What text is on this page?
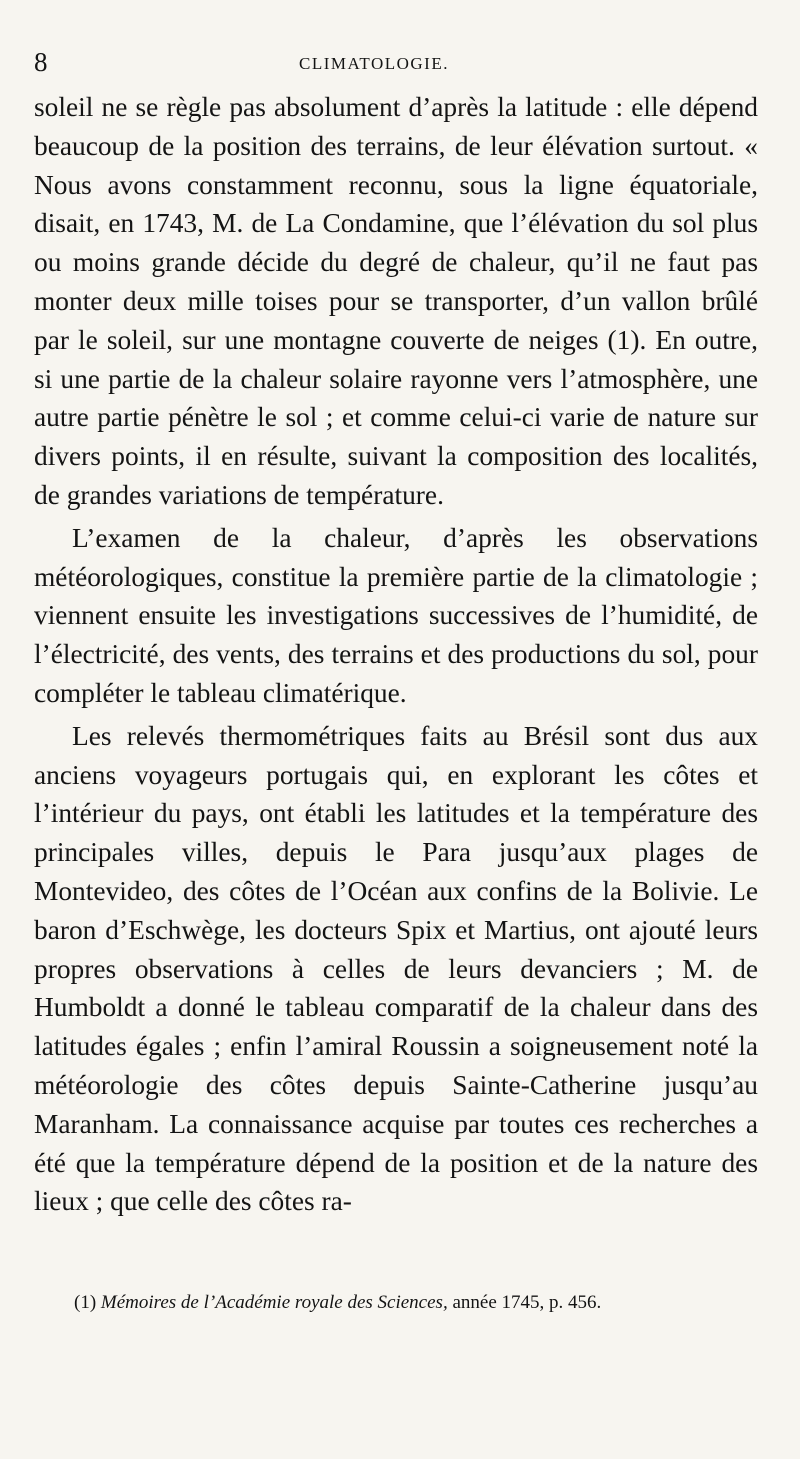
8	CLIMATOLOGIE.

soleil ne se règle pas absolument d’après la latitude : elle dépend beaucoup de la position des terrains, de leur élévation surtout. « Nous avons constamment reconnu, sous la ligne équatoriale, disait, en 1743, M. de La Condamine, que l’élévation du sol plus ou moins grande décide du degré de chaleur, qu’il ne faut pas monter deux mille toises pour se transporter, d’un vallon brûlé par le soleil, sur une montagne couverte de neiges (1). En outre, si une partie de la chaleur solaire rayonne vers l’atmosphère, une autre partie pénètre le sol ; et comme celui-ci varie de nature sur divers points, il en résulte, suivant la composition des localités, de grandes variations de température.

L’examen de la chaleur, d’après les observations météorologiques, constitue la première partie de la climatologie ; viennent ensuite les investigations successives de l’humidité, de l’électricité, des vents, des terrains et des productions du sol, pour compléter le tableau climatérique.

Les relevés thermométriques faits au Brésil sont dus aux anciens voyageurs portugais qui, en explorant les côtes et l’intérieur du pays, ont établi les latitudes et la température des principales villes, depuis le Para jusqu’aux plages de Montevideo, des côtes de l’Océan aux confins de la Bolivie. Le baron d’Eschwège, les docteurs Spix et Martius, ont ajouté leurs propres observations à celles de leurs devanciers ; M. de Humboldt a donné le tableau comparatif de la chaleur dans des latitudes égales ; enfin l’amiral Roussin a soigneusement noté la météorologie des côtes depuis Sainte-Catherine jusqu’au Maranham. La connaissance acquise par toutes ces recherches a été que la température dépend de la position et de la nature des lieux ; que celle des côtes ra-

(1) Mémoires de l’Académie royale des Sciences, année 1745, p. 456.
